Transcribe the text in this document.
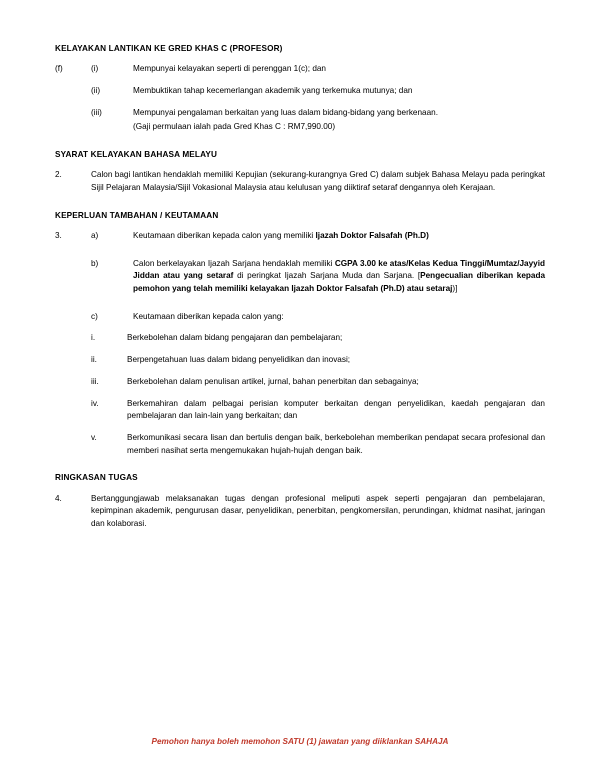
KELAYAKAN LANTIKAN KE GRED KHAS C (PROFESOR)
(f)	(i)	Mempunyai kelayakan seperti di perenggan 1(c); dan
(ii)	Membuktikan tahap kecemerlangan akademik yang terkemuka mutunya; dan
(iii)	Mempunyai pengalaman berkaitan yang luas dalam bidang-bidang yang berkenaan.
(Gaji permulaan ialah pada Gred Khas C : RM7,990.00)
SYARAT KELAYAKAN BAHASA MELAYU
2.	Calon bagi lantikan hendaklah memiliki Kepujian (sekurang-kurangnya Gred C) dalam subjek Bahasa Melayu pada peringkat Sijil Pelajaran Malaysia/Sijil Vokasional Malaysia atau kelulusan yang diiktiraf setaraf dengannya oleh Kerajaan.
KEPERLUAN TAMBAHAN / KEUTAMAAN
3.	a)	Keutamaan diberikan kepada calon yang memiliki Ijazah Doktor Falsafah (Ph.D)
b)	Calon berkelayakan Ijazah Sarjana hendaklah memiliki CGPA 3.00 ke atas/Kelas Kedua Tinggi/Mumtaz/Jayyid Jiddan atau yang setaraf di peringkat Ijazah Sarjana Muda dan Sarjana. [Pengecualian diberikan kepada pemohon yang telah memiliki kelayakan Ijazah Doktor Falsafah (Ph.D) atau setaraj)]
c)	Keutamaan diberikan kepada calon yang:
i.	Berkebolehan dalam bidang pengajaran dan pembelajaran;
ii.	Berpengetahuan luas dalam bidang penyelidikan dan inovasi;
iii.	Berkebolehan dalam penulisan artikel, jurnal, bahan penerbitan dan sebagainya;
iv.	Berkemahiran dalam pelbagai perisian komputer berkaitan dengan penyelidikan, kaedah pengajaran dan pembelajaran dan lain-lain yang berkaitan; dan
v.	Berkomunikasi secara lisan dan bertulis dengan baik, berkebolehan memberikan pendapat secara profesional dan memberi nasihat serta mengemukakan hujah-hujah dengan baik.
RINGKASAN TUGAS
4.	Bertanggungjawab melaksanakan tugas dengan profesional meliputi aspek seperti pengajaran dan pembelajaran, kepimpinan akademik, pengurusan dasar, penyelidikan, penerbitan, pengkomersilan, perundingan, khidmat nasihat, jaringan dan kolaborasi.
Pemohon hanya boleh memohon SATU (1) jawatan yang diiklankan SAHAJA
